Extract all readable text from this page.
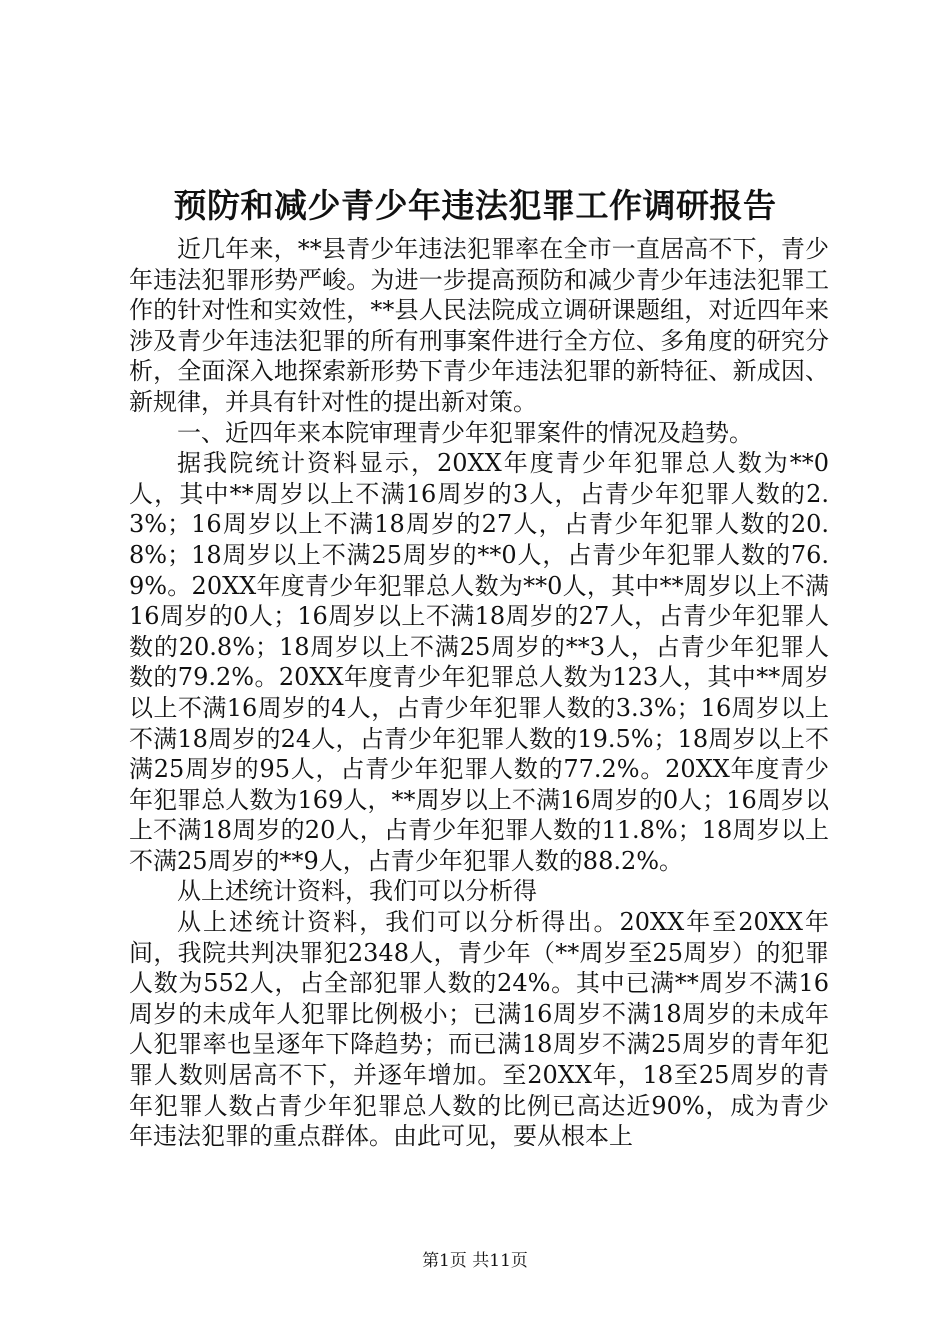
预防和减少青少年违法犯罪工作调研报告

近几年来，**县青少年违法犯罪率在全市一直居高不下，青少年违法犯罪形势严峻。为进一步提高预防和减少青少年违法犯罪工作的针对性和实效性，**县人民法院成立调研课题组，对近四年来涉及青少年违法犯罪的所有刑事案件进行全方位、多角度的研究分析，全面深入地探索新形势下青少年违法犯罪的新特征、新成因、新规律，并具有针对性的提出新对策。

一、近四年来本院审理青少年犯罪案件的情况及趋势。

据我院统计资料显示，20XX年度青少年犯罪总人数为**0人，其中**周岁以上不满16周岁的3人，占青少年犯罪人数的2.3%；16周岁以上不满18周岁的27人，占青少年犯罪人数的20.8%；18周岁以上不满25周岁的**0人，占青少年犯罪人数的76.9%。20XX年度青少年犯罪总人数为**0人，其中**周岁以上不满16周岁的0人；16周岁以上不满18周岁的27人，占青少年犯罪人数的20.8%；18周岁以上不满25周岁的**3人，占青少年犯罪人数的79.2%。20XX年度青少年犯罪总人数为123人，其中**周岁以上不满16周岁的4人，占青少年犯罪人数的3.3%；16周岁以上不满18周岁的24人，占青少年犯罪人数的19.5%；18周岁以上不满25周岁的95人，占青少年犯罪人数的77.2%。20XX年度青少年犯罪总人数为169人，**周岁以上不满16周岁的0人；16周岁以上不满18周岁的20人，占青少年犯罪人数的11.8%；18周岁以上不满25周岁的**9人，占青少年犯罪人数的88.2%。

从上述统计资料，我们可以分析得

从上述统计资料，我们可以分析得出。20XX年至20XX年间，我院共判决罪犯2348人，青少年（**周岁至25周岁）的犯罪人数为552人，占全部犯罪人数的24%。其中已满**周岁不满16周岁的未成年人犯罪比例极小；已满16周岁不满18周岁的未成年人犯罪率也呈逐年下降趋势；而已满18周岁不满25周岁的青年犯罪人数则居高不下，并逐年增加。至20XX年，18至25周岁的青年犯罪人数占青少年犯罪总人数的比例已高达近90%，成为青少年违法犯罪的重点群体。由此可见，要从根本上

第1页 共11页
